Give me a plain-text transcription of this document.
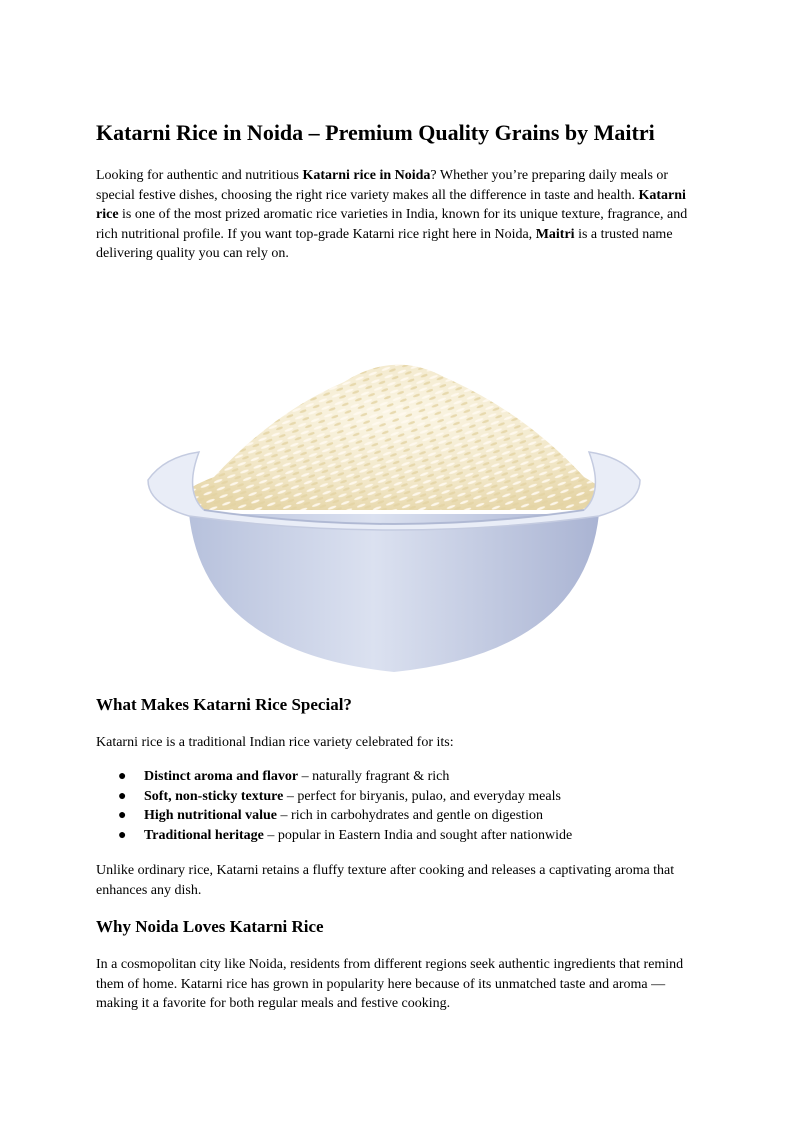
Katarni Rice in Noida – Premium Quality Grains by Maitri

Looking for authentic and nutritious Katarni rice in Noida? Whether you’re preparing daily meals or special festive dishes, choosing the right rice variety makes all the difference in taste and health. Katarni rice is one of the most prized aromatic rice varieties in India, known for its unique texture, fragrance, and rich nutritional profile. If you want top-grade Katarni rice right here in Noida, Maitri is a trusted name delivering quality you can rely on.

What Makes Katarni Rice Special?

Katarni rice is a traditional Indian rice variety celebrated for its:

● Distinct aroma and flavor – naturally fragrant & rich
● Soft, non-sticky texture – perfect for biryanis, pulao, and everyday meals
● High nutritional value – rich in carbohydrates and gentle on digestion
● Traditional heritage – popular in Eastern India and sought after nationwide

Unlike ordinary rice, Katarni retains a fluffy texture after cooking and releases a captivating aroma that enhances any dish.

Why Noida Loves Katarni Rice

In a cosmopolitan city like Noida, residents from different regions seek authentic ingredients that remind them of home. Katarni rice has grown in popularity here because of its unmatched taste and aroma — making it a favorite for both regular meals and festive cooking.
